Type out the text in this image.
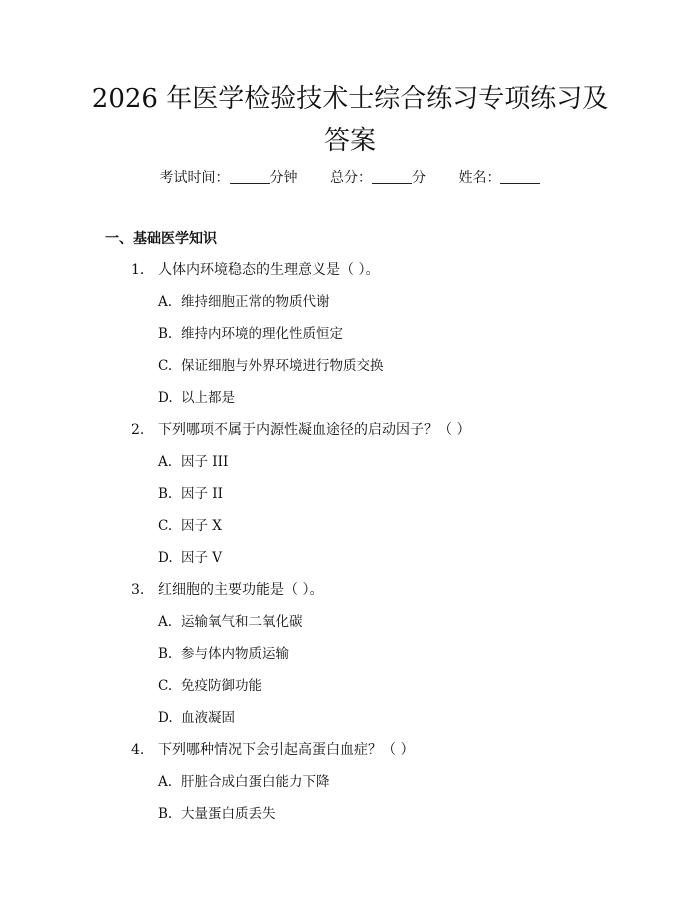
2026 年医学检验技术士综合练习专项练习及
答案
考试时间：	分钟 总分：	分 姓名：
一、基础医学知识
1. 人体内环境稳态的生理意义是（ ）。
A. 维持细胞正常的物质代谢
B. 维持内环境的理化性质恒定
C. 保证细胞与外界环境进行物质交换
D. 以上都是
2. 下列哪项不属于内源性凝血途径的启动因子？（ ）
A. 因子 III
B. 因子 II
C. 因子 X
D. 因子 V
3. 红细胞的主要功能是（ ）。
A. 运输氧气和二氧化碳
B. 参与体内物质运输
C. 免疫防御功能
D. 血液凝固
4. 下列哪种情况下会引起高蛋白血症？（ ）
A. 肝脏合成白蛋白能力下降
B. 大量蛋白质丢失
